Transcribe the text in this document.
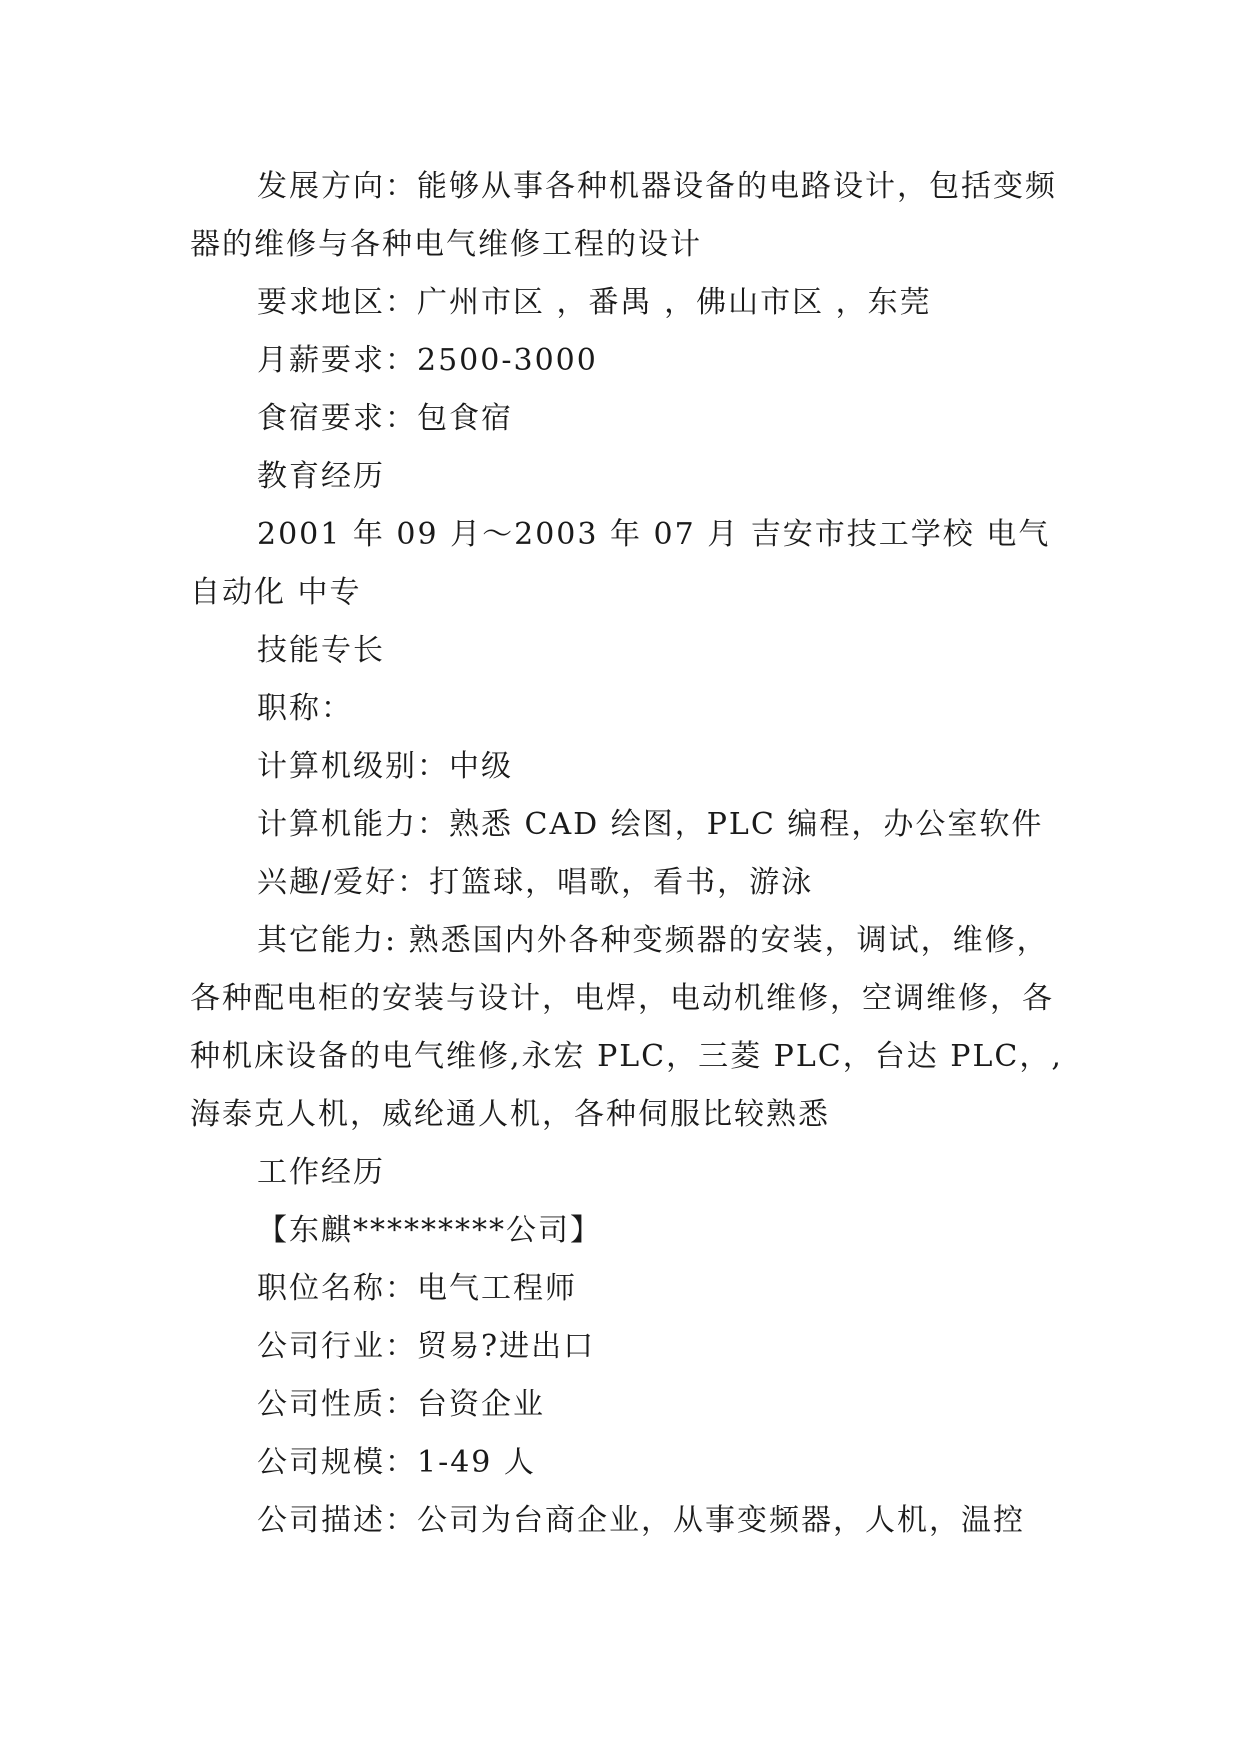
发展方向：能够从事各种机器设备的电路设计，包括变频器的维修与各种电气维修工程的设计

要求地区：广州市区 ，番禺 ，佛山市区 ，东莞

月薪要求：2500-3000

食宿要求：包食宿

教育经历

2001 年 09 月～2003 年 07 月 吉安市技工学校 电气自动化 中专

技能专长

职称：

计算机级别：中级

计算机能力：熟悉 CAD 绘图，PLC 编程，办公室软件

兴趣/爱好：打篮球，唱歌，看书，游泳

其它能力: 熟悉国内外各种变频器的安装，调试，维修，各种配电柜的安装与设计，电焊，电动机维修，空调维修，各种机床设备的电气维修,永宏 PLC，三菱 PLC，台达 PLC，,海泰克人机，威纶通人机，各种伺服比较熟悉

工作经历

【东麒*********公司】

职位名称：电气工程师

公司行业：贸易?进出口

公司性质：台资企业

公司规模：1-49 人

公司描述：公司为台商企业，从事变频器，人机，温控
